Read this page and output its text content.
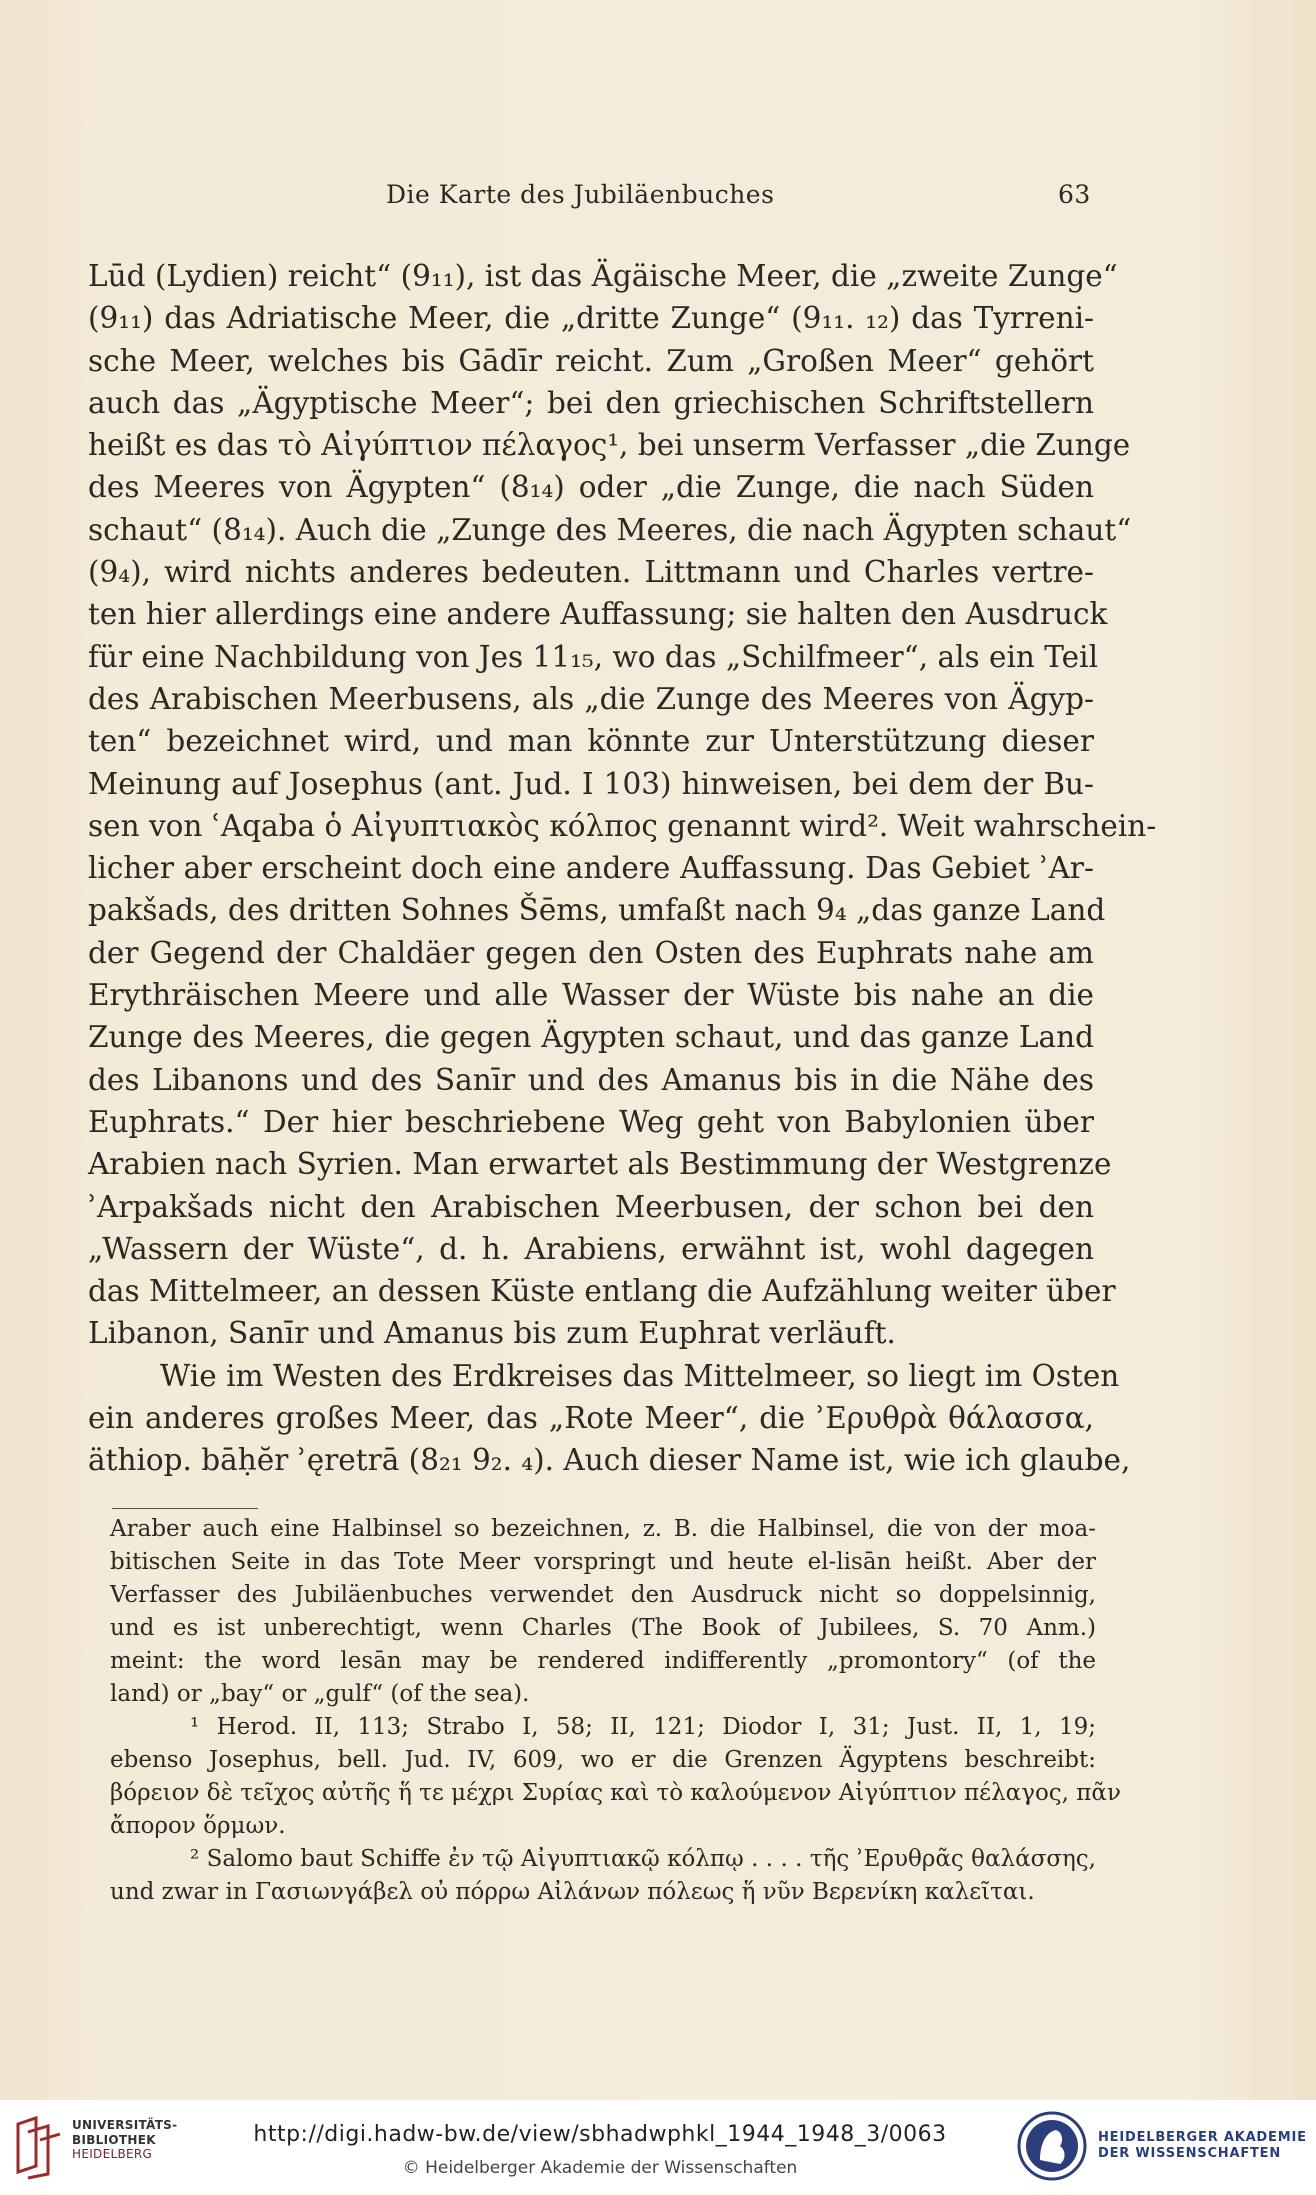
Die Karte des Jubiläenbuches	63
Lūd (Lydien) reicht“ (9₁₁), ist das Ägäische Meer, die „zweite Zunge“
(9₁₁) das Adriatische Meer, die „dritte Zunge“ (9₁₁. ₁₂) das Tyrreni-
sche Meer, welches bis Gādīr reicht. Zum „Großen Meer“ gehört
auch das „Ägyptische Meer“; bei den griechischen Schriftstellern
heißt es das τὸ Αἰγύπτιον πέλαγος¹, bei unserm Verfasser „die Zunge
des Meeres von Ägypten“ (8₁₄) oder „die Zunge, die nach Süden
schaut“ (8₁₄). Auch die „Zunge des Meeres, die nach Ägypten schaut“
(9₄), wird nichts anderes bedeuten. Littmann und Charles vertre-
ten hier allerdings eine andere Auffassung; sie halten den Ausdruck
für eine Nachbildung von Jes 11₁₅, wo das „Schilfmeer“, als ein Teil
des Arabischen Meerbusens, als „die Zunge des Meeres von Ägyp-
ten“ bezeichnet wird, und man könnte zur Unterstützung dieser
Meinung auf Josephus (ant. Jud. I 103) hinweisen, bei dem der Bu-
sen von ʿAqaba ὁ Αἰγυπτιακὸς κόλπος genannt wird². Weit wahrschein-
licher aber erscheint doch eine andere Auffassung. Das Gebiet ʾAr-
pakšads, des dritten Sohnes Šēms, umfaßt nach 9₄ „das ganze Land
der Gegend der Chaldäer gegen den Osten des Euphrats nahe am
Erythräischen Meere und alle Wasser der Wüste bis nahe an die
Zunge des Meeres, die gegen Ägypten schaut, und das ganze Land
des Libanons und des Sanīr und des Amanus bis in die Nähe des
Euphrats.“ Der hier beschriebene Weg geht von Babylonien über
Arabien nach Syrien. Man erwartet als Bestimmung der Westgrenze
ʾArpakšads nicht den Arabischen Meerbusen, der schon bei den
„Wassern der Wüste“, d. h. Arabiens, erwähnt ist, wohl dagegen
das Mittelmeer, an dessen Küste entlang die Aufzählung weiter über
Libanon, Sanīr und Amanus bis zum Euphrat verläuft.
Wie im Westen des Erdkreises das Mittelmeer, so liegt im Osten
ein anderes großes Meer, das „Rote Meer“, die ʾΕρυθρὰ θάλασσα,
äthiop. bāḥĕr ʾęretrā (8₂₁ 9₂. ₄). Auch dieser Name ist, wie ich glaube,
Araber auch eine Halbinsel so bezeichnen, z. B. die Halbinsel, die von der moa-
bitischen Seite in das Tote Meer vorspringt und heute el-lisān heißt. Aber der
Verfasser des Jubiläenbuches verwendet den Ausdruck nicht so doppelsinnig,
und es ist unberechtigt, wenn Charles (The Book of Jubilees, S. 70 Anm.)
meint: the word lesān may be rendered indifferently „promontory“ (of the
land) or „bay“ or „gulf“ (of the sea).
¹ Herod. II, 113; Strabo I, 58; II, 121; Diodor I, 31; Just. II, 1, 19;
ebenso Josephus, bell. Jud. IV, 609, wo er die Grenzen Ägyptens beschreibt:
βόρειον δὲ τεῖχος αὐτῆς ἥ τε μέχρι Συρίας καὶ τὸ καλούμενον Αἰγύπτιον πέλαγος, πᾶν
ἄπορον ὅρμων.
² Salomo baut Schiffe ἐν τῷ Αἰγυπτιακῷ κόλπῳ . . . . τῆς ʾΕρυθρᾶς θαλάσσης,
und zwar in Γασιωνγάβελ οὐ πόρρω Αἰλάνων πόλεως ἥ νῦν Βερενίκη καλεῖται.
UNIVERSITÄTS-
BIBLIOTHEK
HEIDELBERG
http://digi.hadw-bw.de/view/sbhadwphkl_1944_1948_3/0063
© Heidelberger Akademie der Wissenschaften
HEIDELBERGER AKADEMIE
DER WISSENSCHAFTEN
